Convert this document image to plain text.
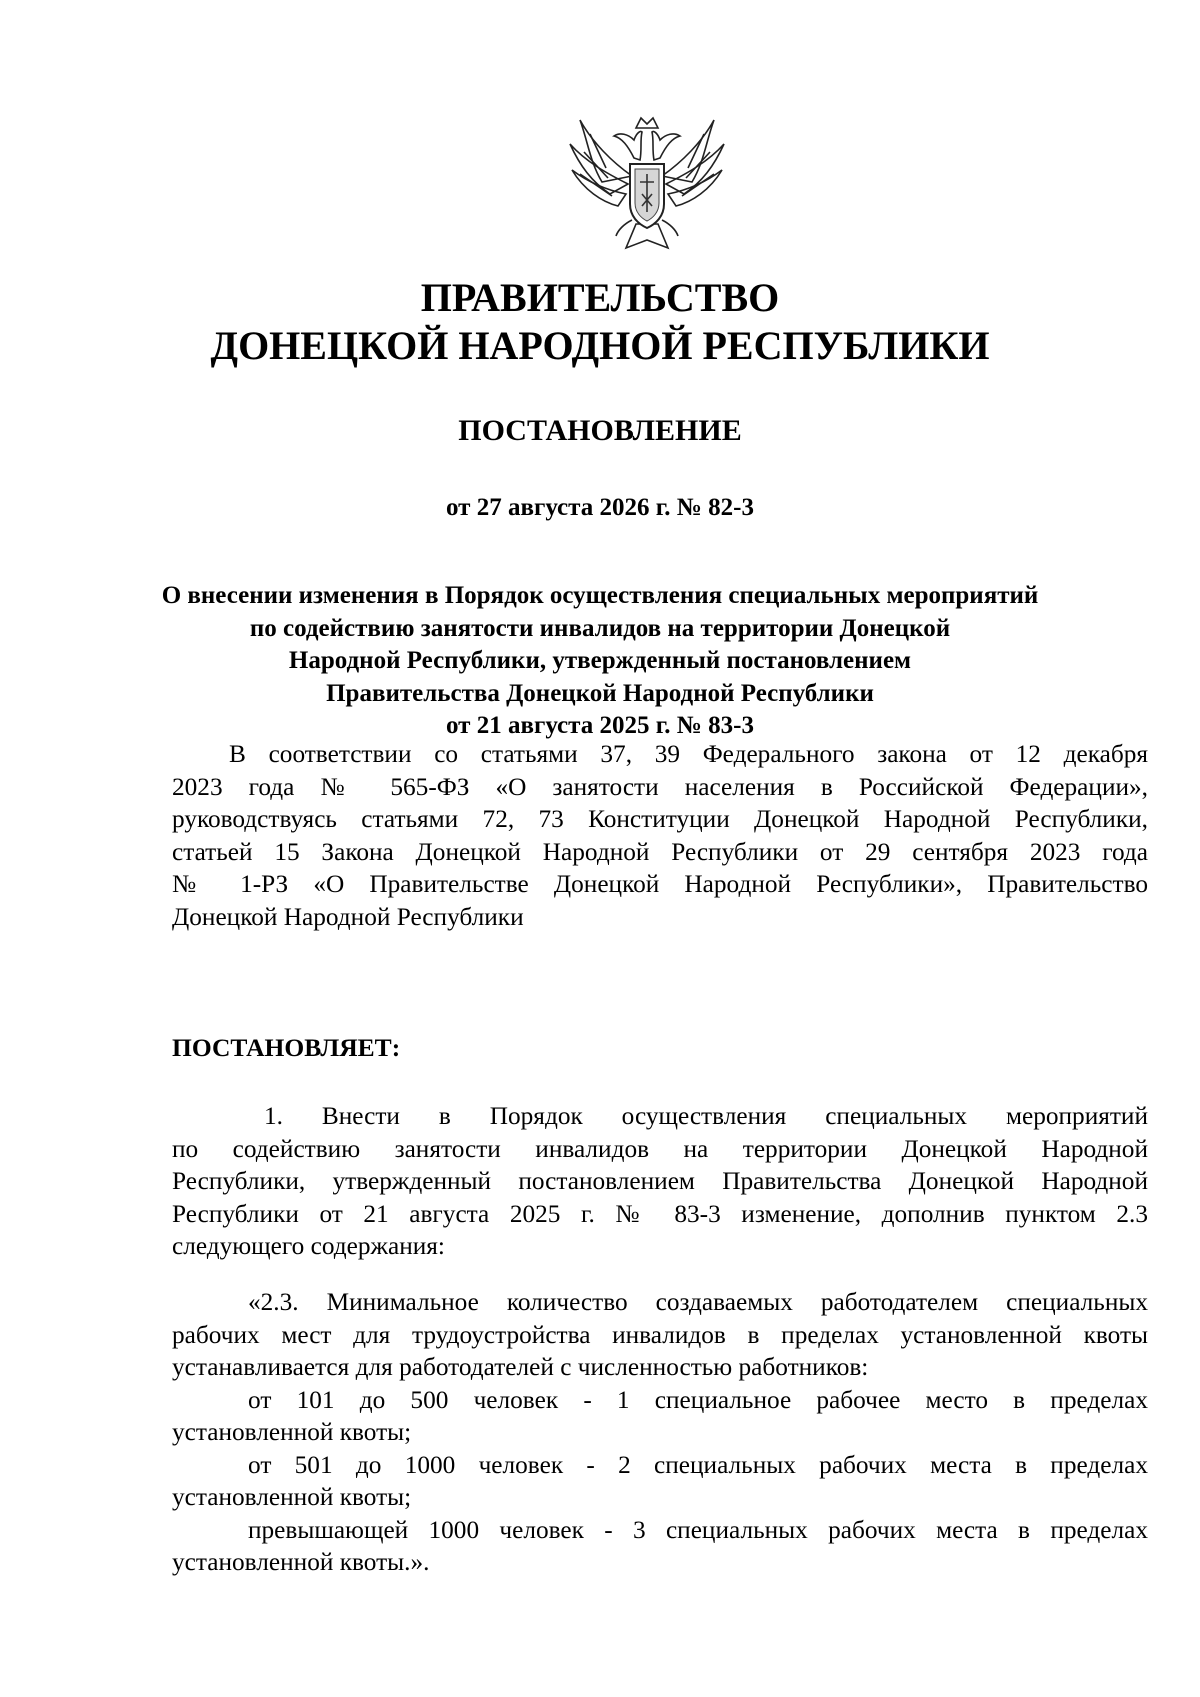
ПРАВИТЕЛЬСТВО
ДОНЕЦКОЙ НАРОДНОЙ РЕСПУБЛИКИ
ПОСТАНОВЛЕНИЕ
от 27 августа 2026 г. № 82-3
О внесении изменения в Порядок осуществления специальных мероприятий
по содействию занятости инвалидов на территории Донецкой
Народной Республики, утвержденный постановлением
Правительства Донецкой Народной Республики
от 21 августа 2025 г. № 83-3
В соответствии со статьями 37, 39 Федерального закона от 12 декабря
2023 года № 565-ФЗ «О занятости населения в Российской Федерации»,
руководствуясь статьями 72, 73 Конституции Донецкой Народной Республики,
статьей 15 Закона Донецкой Народной Республики от 29 сентября 2023 года
№ 1-РЗ «О Правительстве Донецкой Народной Республики», Правительство
Донецкой Народной Республики
ПОСТАНОВЛЯЕТ:
1. Внести в Порядок осуществления специальных мероприятий
по содействию занятости инвалидов на территории Донецкой Народной
Республики, утвержденный постановлением Правительства Донецкой Народной
Республики от 21 августа 2025 г. № 83-3 изменение, дополнив пунктом 2.3
следующего содержания:
«2.3. Минимальное количество создаваемых работодателем специальных
рабочих мест для трудоустройства инвалидов в пределах установленной квоты
устанавливается для работодателей с численностью работников:
от 101 до 500 человек - 1 специальное рабочее место в пределах
установленной квоты;
от 501 до 1000 человек - 2 специальных рабочих места в пределах
установленной квоты;
превышающей 1000 человек - 3 специальных рабочих места в пределах
установленной квоты.».
